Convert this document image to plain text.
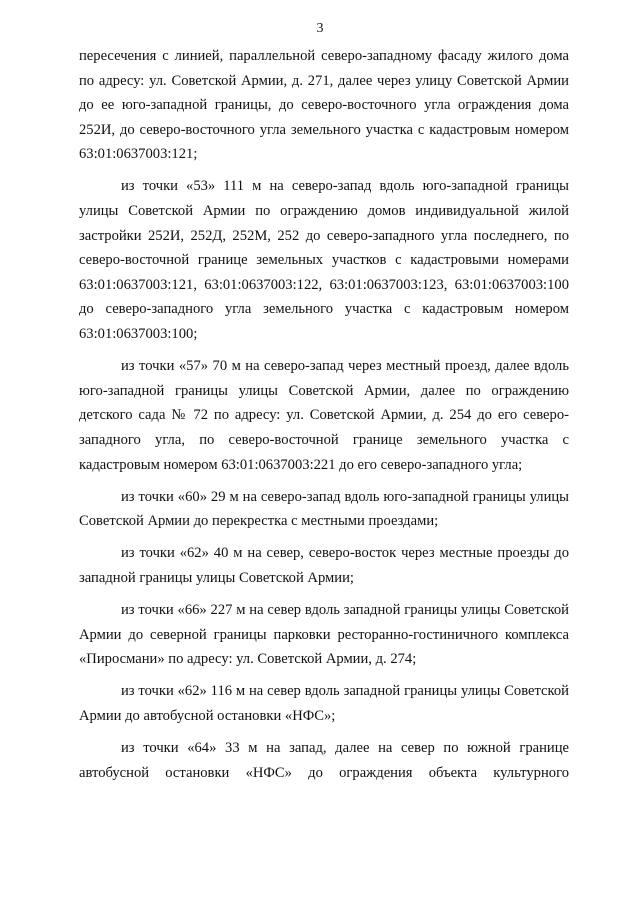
3

пересечения с линией, параллельной северо-западному фасаду жилого дома по адресу: ул. Советской Армии, д. 271, далее через улицу Советской Армии до ее юго-западной границы, до северо-восточного угла ограждения дома 252И, до северо-восточного угла земельного участка с кадастровым номером 63:01:0637003:121;

из точки «53» 111 м на северо-запад вдоль юго-западной границы улицы Советской Армии по ограждению домов индивидуальной жилой застройки 252И, 252Д, 252М, 252 до северо-западного угла последнего, по северо-восточной границе земельных участков с кадастровыми номерами 63:01:0637003:121, 63:01:0637003:122, 63:01:0637003:123, 63:01:0637003:100 до северо-западного угла земельного участка с кадастровым номером 63:01:0637003:100;

из точки «57» 70 м на северо-запад через местный проезд, далее вдоль юго-западной границы улицы Советской Армии, далее по ограждению детского сада № 72 по адресу: ул. Советской Армии, д. 254 до его северо-западного угла, по северо-восточной границе земельного участка с кадастровым номером 63:01:0637003:221 до его северо-западного угла;

из точки «60» 29 м на северо-запад вдоль юго-западной границы улицы Советской Армии до перекрестка с местными проездами;

из точки «62» 40 м на север, северо-восток через местные проезды до западной границы улицы Советской Армии;

из точки «66» 227 м на север вдоль западной границы улицы Советской Армии до северной границы парковки ресторанно-гостиничного комплекса «Пиросмани» по адресу: ул. Советской Армии, д. 274;

из точки «62» 116 м на север вдоль западной границы улицы Советской Армии до автобусной остановки «НФС»;

из точки «64» 33 м на запад, далее на север по южной границе автобусной остановки «НФС» до ограждения объекта культурного
